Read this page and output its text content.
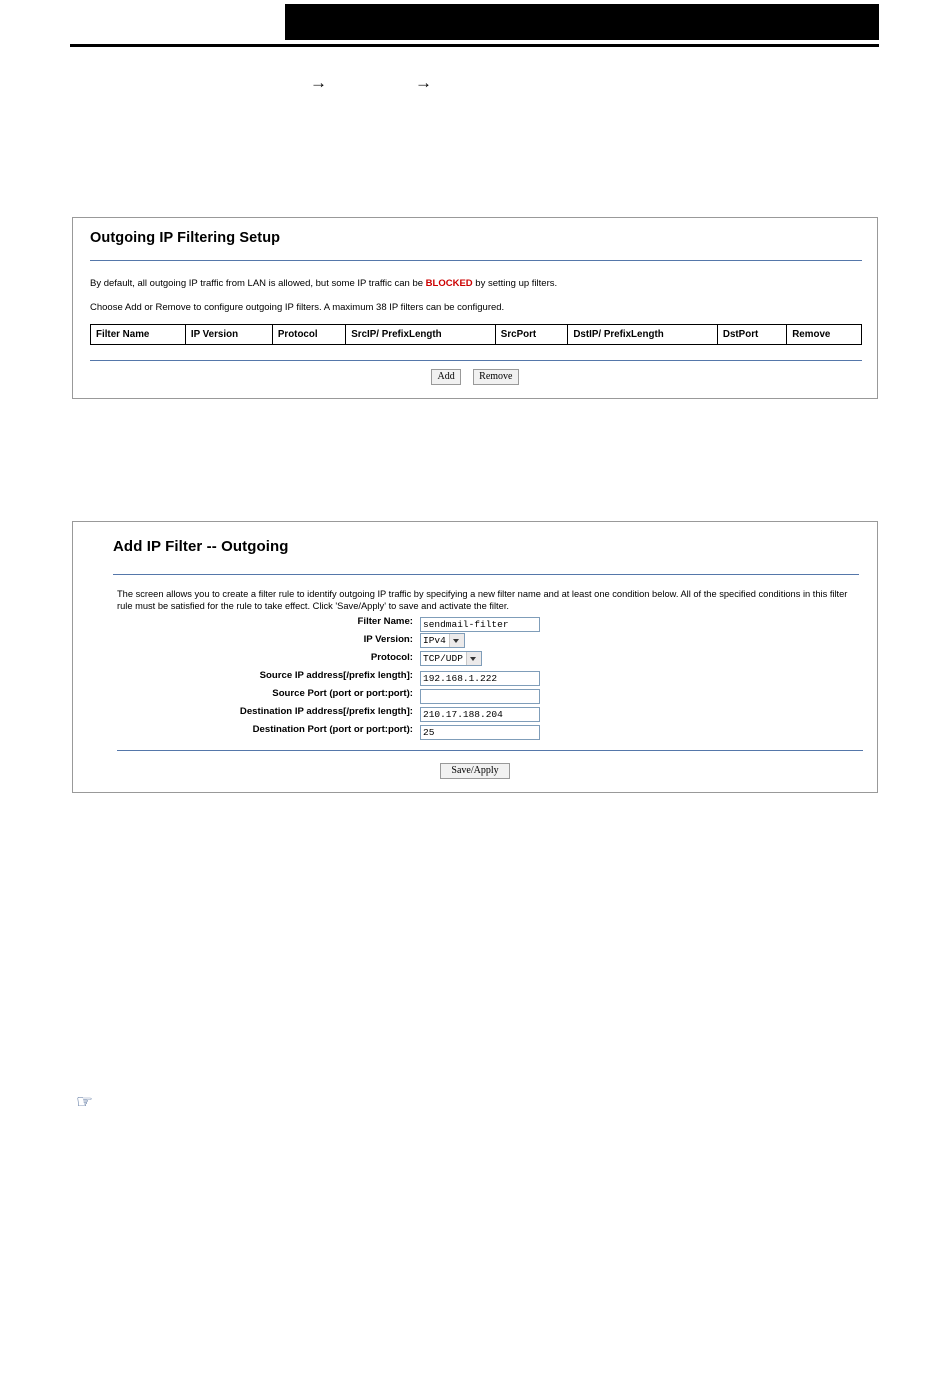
→	→
Outgoing IP Filtering Setup
By default, all outgoing IP traffic from LAN is allowed, but some IP traffic can be BLOCKED by setting up filters.
Choose Add or Remove to configure outgoing IP filters. A maximum 38 IP filters can be configured.
Filter Name	IP Version	Protocol	SrcIP/ PrefixLength	SrcPort	DstIP/ PrefixLength	DstPort	Remove
Add Remove
Add IP Filter -- Outgoing
The screen allows you to create a filter rule to identify outgoing IP traffic by specifying a new filter name and at least one condition below. All of the specified conditions in this filter rule must be satisfied for the rule to take effect. Click 'Save/Apply' to save and activate the filter.
Filter Name:
sendmail-filter
IP Version:	IPv4
Protocol:	TCP/UDP
Source IP address[/prefix length]:
192.168.1.222
Source Port (port or port:port):
Destination IP address[/prefix length]:
210.17.188.204
Destination Port (port or port:port):
25
Save/Apply
☞
